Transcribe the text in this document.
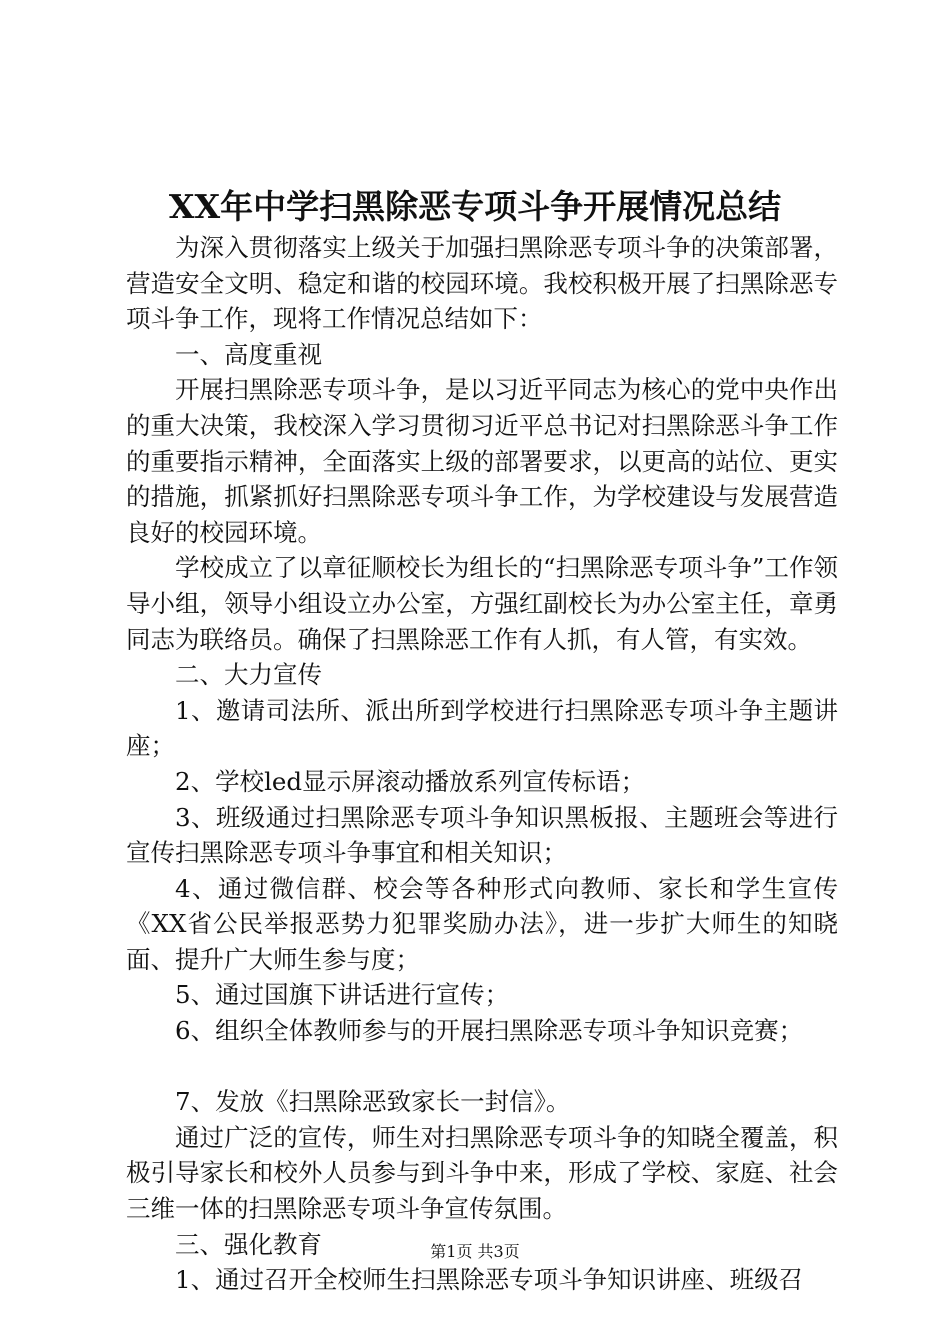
XX年中学扫黑除恶专项斗争开展情况总结

为深入贯彻落实上级关于加强扫黑除恶专项斗争的决策部署，营造安全文明、稳定和谐的校园环境。我校积极开展了扫黑除恶专项斗争工作，现将工作情况总结如下：

一、高度重视

开展扫黑除恶专项斗争，是以习近平同志为核心的党中央作出的重大决策，我校深入学习贯彻习近平总书记对扫黑除恶斗争工作的重要指示精神，全面落实上级的部署要求，以更高的站位、更实的措施，抓紧抓好扫黑除恶专项斗争工作，为学校建设与发展营造良好的校园环境。

学校成立了以章征顺校长为组长的“扫黑除恶专项斗争”工作领导小组，领导小组设立办公室，方强红副校长为办公室主任，章勇同志为联络员。确保了扫黑除恶工作有人抓，有人管，有实效。

二、大力宣传

1、邀请司法所、派出所到学校进行扫黑除恶专项斗争主题讲座；

2、学校led显示屏滚动播放系列宣传标语；

3、班级通过扫黑除恶专项斗争知识黑板报、主题班会等进行宣传扫黑除恶专项斗争事宜和相关知识；

4、通过微信群、校会等各种形式向教师、家长和学生宣传《XX省公民举报恶势力犯罪奖励办法》，进一步扩大师生的知晓面、提升广大师生参与度；

5、通过国旗下讲话进行宣传；

6、组织全体教师参与的开展扫黑除恶专项斗争知识竞赛；

7、发放《扫黑除恶致家长一封信》。

通过广泛的宣传，师生对扫黑除恶专项斗争的知晓全覆盖，积极引导家长和校外人员参与到斗争中来，形成了学校、家庭、社会三维一体的扫黑除恶专项斗争宣传氛围。

三、强化教育

1、通过召开全校师生扫黑除恶专项斗争知识讲座、班级召

第1页 共3页
